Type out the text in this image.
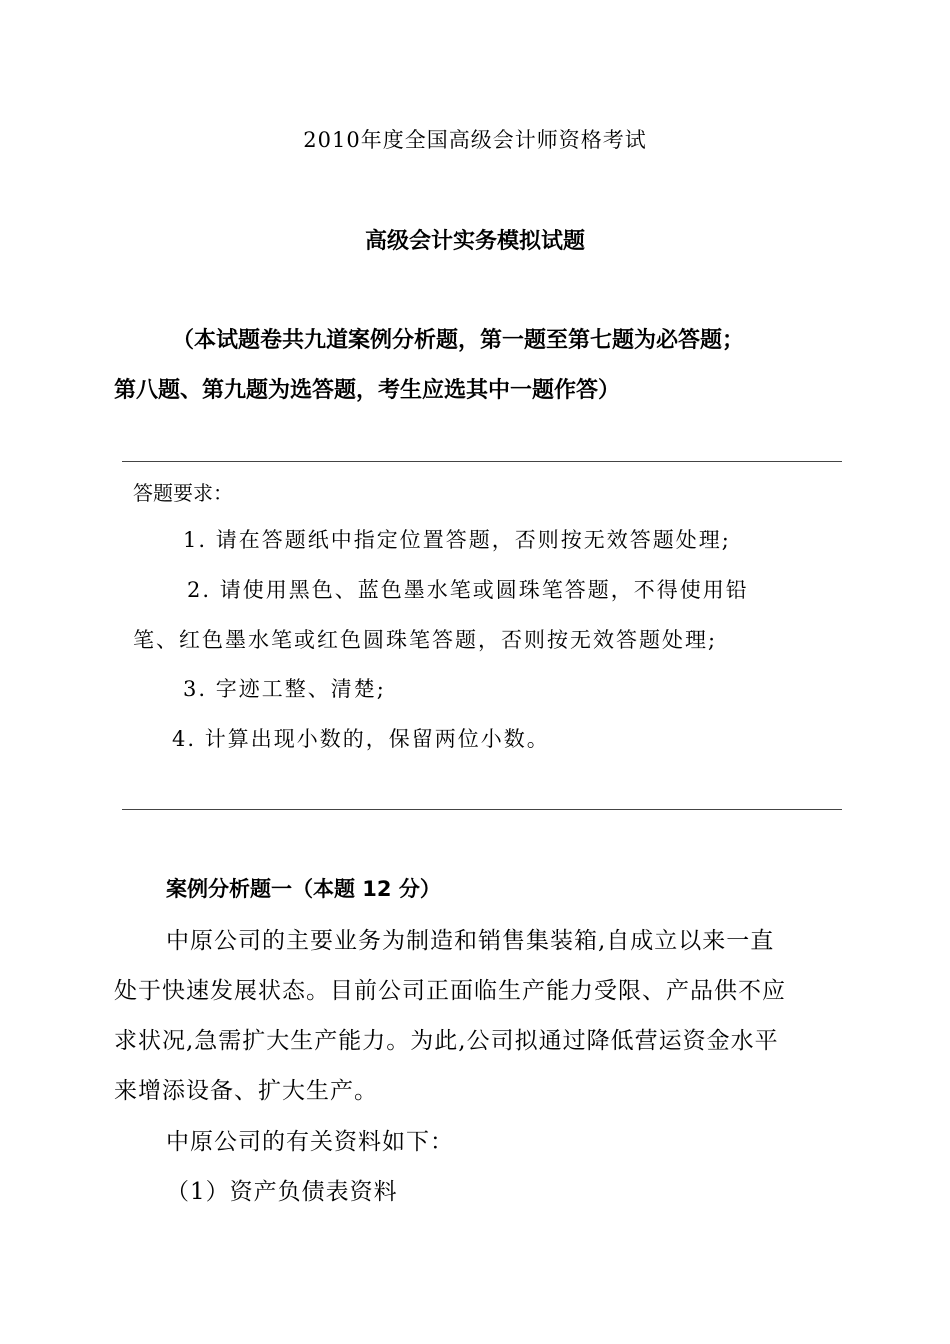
2010年度全国高级会计师资格考试

高级会计实务模拟试题

（本试题卷共九道案例分析题，第一题至第七题为必答题；

第八题、第九题为选答题，考生应选其中一题作答）

答题要求：

1. 请在答题纸中指定位置答题，否则按无效答题处理;

2. 请使用黑色、蓝色墨水笔或圆珠笔答题，不得使用铅

笔、红色墨水笔或红色圆珠笔答题，否则按无效答题处理;

3. 字迹工整、清楚;

4. 计算出现小数的，保留两位小数。

案例分析题一（本题 12 分）

中原公司的主要业务为制造和销售集装箱,自成立以来一直

处于快速发展状态。目前公司正面临生产能力受限、产品供不应

求状况,急需扩大生产能力。为此,公司拟通过降低营运资金水平

来增添设备、扩大生产。

中原公司的有关资料如下：

（1）资产负债表资料
